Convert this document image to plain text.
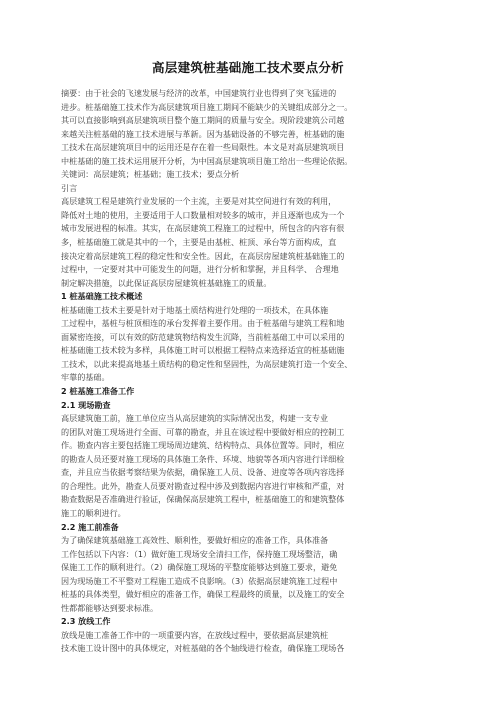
高层建筑桩基础施工技术要点分析
摘要：由于社会的飞速发展与经济的改革，中国建筑行业也得到了突飞猛进的
进步。桩基础施工技术作为高层建筑项目施工期间不能缺少的关键组成部分之一。
其可以直接影响到高层建筑项目整个施工期间的质量与安全。现阶段建筑公司越
来越关注桩基础的施工技术进展与革新。因为基础设备的不够完善，桩基础的施
工技术在高层建筑项目中的运用还是存在着一些局限性。本文是对高层建筑项目
中桩基础的施工技术运用展开分析，为中国高层建筑项目施工给出一些理论依据。
关键词：高层建筑；桩基础；施工技术；要点分析
引言
高层建筑工程是建筑行业发展的一个主流，主要是对其空间进行有效的利用，
降低对土地的使用，主要适用于人口数量相对较多的城市，并且逐渐也成为一个
城市发展进程的标准。其实，在高层建筑工程施工的过程中，所包含的内容有很
多，桩基础施工就是其中的一个，主要是由基桩、桩顶、承台等方面构成，直
接决定着高层建筑工程的稳定性和安全性。因此，在高层房屋建筑桩基础施工的
过程中，一定要对其中可能发生的问题，进行分析和掌握，并且科学、 合理地
制定解决措施，以此保证高层房屋建筑桩基础施工的质量。
1 桩基础施工技术概述
桩基础施工技术主要是针对于地基土质结构进行处理的一项技术，在具体施
工过程中，基桩与桩顶相连的承台发挥着主要作用。由于桩基础与建筑工程和地
面紧密连接，可以有效的防范建筑物结构发生沉降，当前桩基础工中可以采用的
桩基础施工技术较为多样，具体施工时可以根据工程特点来选择适宜的桩基础施
工技术，以此来提高地基土质结构的稳定性和坚固性，为高层建筑打造一个安全、
牢靠的基础。
2 桩基施工准备工作
2.1 现场勘查
高层建筑施工前，施工单位应当从高层建筑的实际情况出发，构建一支专业
的团队对施工现场进行全面、可靠的勘查，并且在该过程中要做好相应的控制工
作。勘查内容主要包括施工现场周边建筑、结构特点、具体位置等。同时，相应
的勘查人员还要对施工现场的具体施工条件、环境、地貌等各项内容进行详细检
查，并且应当依据考察结果为依据，确保施工人员、设备、进度等各项内容选择
的合理性。此外，勘查人员要对勘查过程中涉及到数据内容进行审核和严重，对
勘查数据是否准确进行验证，保确保高层建筑工程中，桩基础施工的和建筑整体
施工的顺利进行。
2.2 施工前准备
为了确保建筑基础施工高效性、顺利性，要做好相应的准备工作，具体准备
工作包括以下内容：（1）做好施工现场安全清扫工作，保持施工现场整洁，确
保施工工作的顺利进行。（2）确保施工现场的平整度能够达到施工要求，避免
因为现场施工不平整对工程施工造成不良影响。（3）依据高层建筑施工过程中
桩基的具体类型，做好相应的准备工作，确保工程最终的质量，以及施工的安全
性都都能够达到要求标准。
2.3 放线工作
放线是施工准备工作中的一项重要内容，在放线过程中，要依据高层建筑桩
技术施工设计图中的具体规定，对桩基础的各个轴线进行检查，确保施工现场各
